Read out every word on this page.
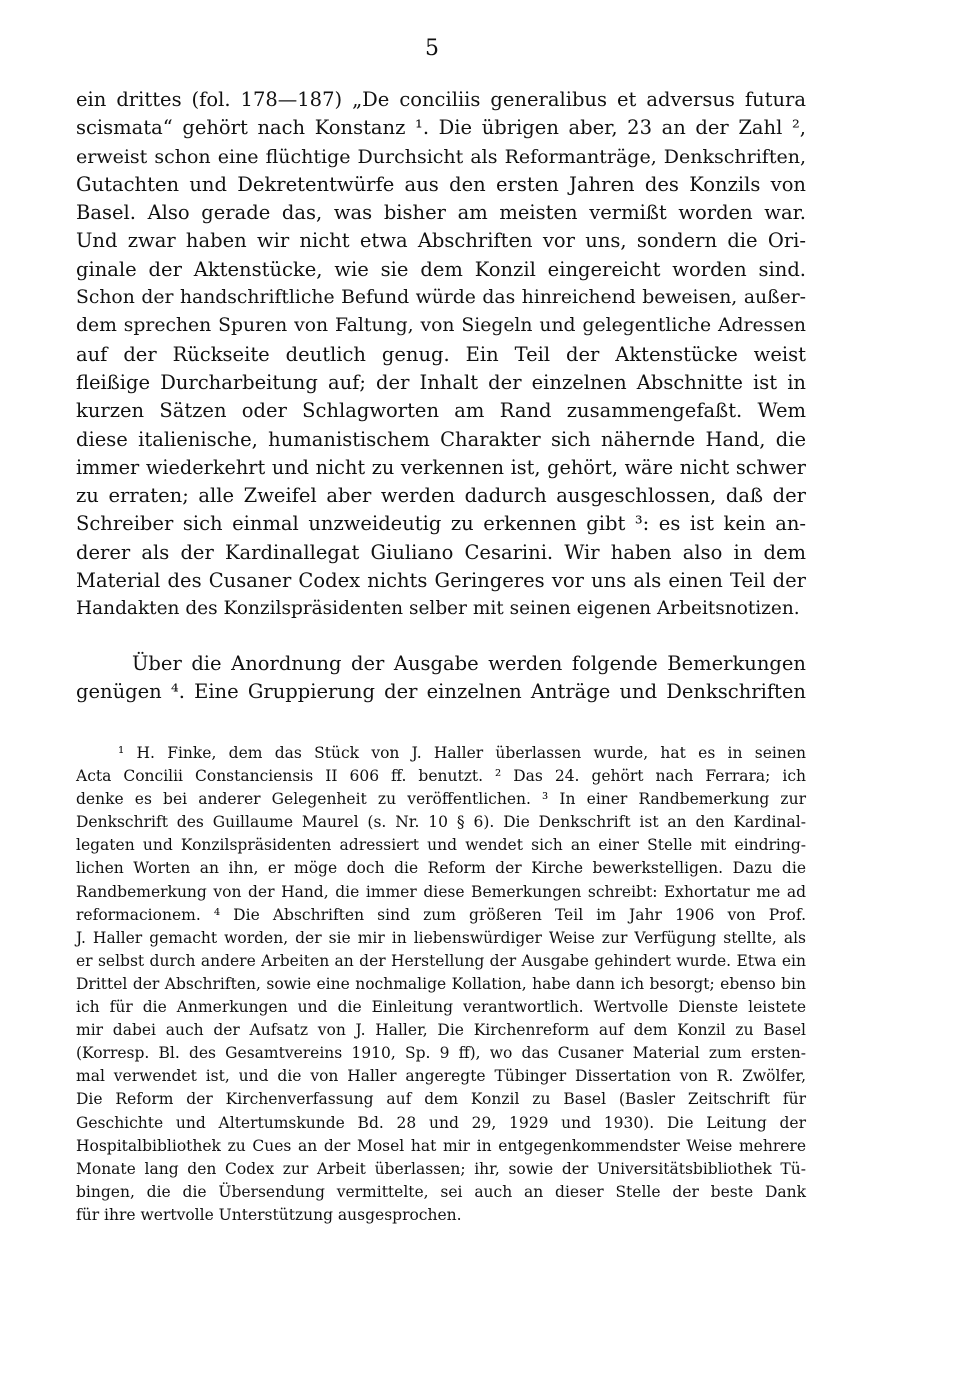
5
ein drittes (fol. 178—187) „De conciliis generalibus et adversus futura
scismata“ gehört nach Konstanz ¹. Die übrigen aber, 23 an der Zahl ²,
erweist schon eine flüchtige Durchsicht als Reformanträge, Denkschriften,
Gutachten und Dekretentwürfe aus den ersten Jahren des Konzils von
Basel. Also gerade das, was bisher am meisten vermißt worden war.
Und zwar haben wir nicht etwa Abschriften vor uns, sondern die Ori-
ginale der Aktenstücke, wie sie dem Konzil eingereicht worden sind.
Schon der handschriftliche Befund würde das hinreichend beweisen, außer-
dem sprechen Spuren von Faltung, von Siegeln und gelegentliche Adressen
auf der Rückseite deutlich genug. Ein Teil der Aktenstücke weist
fleißige Durcharbeitung auf; der Inhalt der einzelnen Abschnitte ist in
kurzen Sätzen oder Schlagworten am Rand zusammengefaßt. Wem
diese italienische, humanistischem Charakter sich nähernde Hand, die
immer wiederkehrt und nicht zu verkennen ist, gehört, wäre nicht schwer
zu erraten; alle Zweifel aber werden dadurch ausgeschlossen, daß der
Schreiber sich einmal unzweideutig zu erkennen gibt ³: es ist kein an-
derer als der Kardinallegat Giuliano Cesarini. Wir haben also in dem
Material des Cusaner Codex nichts Geringeres vor uns als einen Teil der
Handakten des Konzilspräsidenten selber mit seinen eigenen Arbeitsnotizen.
Über die Anordnung der Ausgabe werden folgende Bemerkungen
genügen ⁴. Eine Gruppierung der einzelnen Anträge und Denkschriften
¹ H. Finke, dem das Stück von J. Haller überlassen wurde, hat es in seinen
Acta Concilii Constanciensis II 606 ff. benutzt. ² Das 24. gehört nach Ferrara; ich
denke es bei anderer Gelegenheit zu veröffentlichen. ³ In einer Randbemerkung zur
Denkschrift des Guillaume Maurel (s. Nr. 10 § 6). Die Denkschrift ist an den Kardinal-
legaten und Konzilspräsidenten adressiert und wendet sich an einer Stelle mit eindring-
lichen Worten an ihn, er möge doch die Reform der Kirche bewerkstelligen. Dazu die
Randbemerkung von der Hand, die immer diese Bemerkungen schreibt: Exhortatur me ad
reformacionem. ⁴ Die Abschriften sind zum größeren Teil im Jahr 1906 von Prof.
J. Haller gemacht worden, der sie mir in liebenswürdiger Weise zur Verfügung stellte, als
er selbst durch andere Arbeiten an der Herstellung der Ausgabe gehindert wurde. Etwa ein
Drittel der Abschriften, sowie eine nochmalige Kollation, habe dann ich besorgt; ebenso bin
ich für die Anmerkungen und die Einleitung verantwortlich. Wertvolle Dienste leistete
mir dabei auch der Aufsatz von J. Haller, Die Kirchenreform auf dem Konzil zu Basel
(Korresp. Bl. des Gesamtvereins 1910, Sp. 9 ff), wo das Cusaner Material zum ersten-
mal verwendet ist, und die von Haller angeregte Tübinger Dissertation von R. Zwölfer,
Die Reform der Kirchenverfassung auf dem Konzil zu Basel (Basler Zeitschrift für
Geschichte und Altertumskunde Bd. 28 und 29, 1929 und 1930). Die Leitung der
Hospitalbibliothek zu Cues an der Mosel hat mir in entgegenkommendster Weise mehrere
Monate lang den Codex zur Arbeit überlassen; ihr, sowie der Universitätsbibliothek Tü-
bingen, die die Übersendung vermittelte, sei auch an dieser Stelle der beste Dank
für ihre wertvolle Unterstützung ausgesprochen.
